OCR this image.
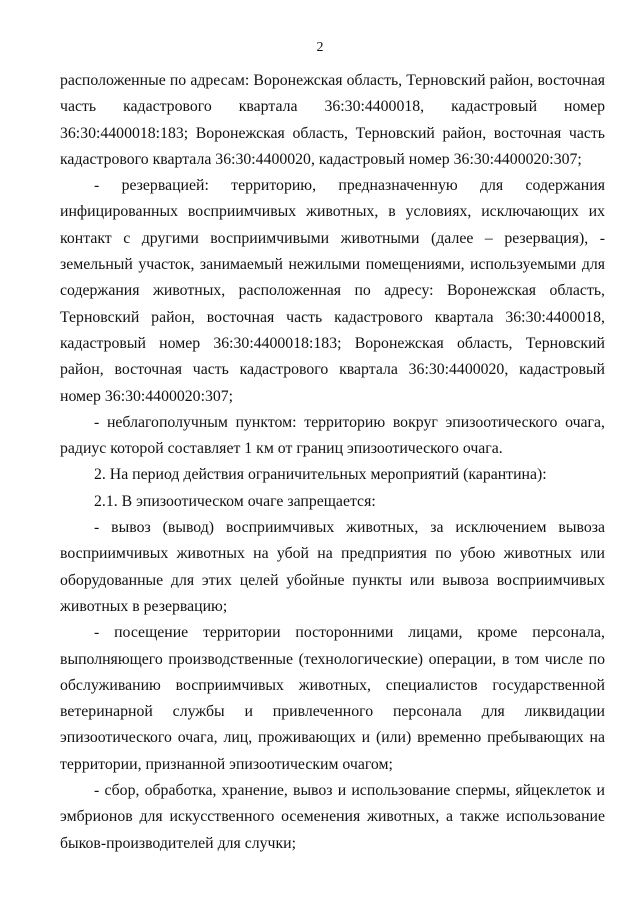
2

расположенные по адресам: Воронежская область, Терновский район, восточная часть кадастрового квартала 36:30:4400018, кадастровый номер 36:30:4400018:183; Воронежская область, Терновский район, восточная часть кадастрового квартала 36:30:4400020, кадастровый номер 36:30:4400020:307;

- резервацией: территорию, предназначенную для содержания инфицированных восприимчивых животных, в условиях, исключающих их контакт с другими восприимчивыми животными (далее – резервация), - земельный участок, занимаемый нежилыми помещениями, используемыми для содержания животных, расположенная по адресу: Воронежская область, Терновский район, восточная часть кадастрового квартала 36:30:4400018, кадастровый номер 36:30:4400018:183; Воронежская область, Терновский район, восточная часть кадастрового квартала 36:30:4400020, кадастровый номер 36:30:4400020:307;

- неблагополучным пунктом: территорию вокруг эпизоотического очага, радиус которой составляет 1 км от границ эпизоотического очага.

2. На период действия ограничительных мероприятий (карантина):

2.1. В эпизоотическом очаге запрещается:

- вывоз (вывод) восприимчивых животных, за исключением вывоза восприимчивых животных на убой на предприятия по убою животных или оборудованные для этих целей убойные пункты или вывоза восприимчивых животных в резервацию;

- посещение территории посторонними лицами, кроме персонала, выполняющего производственные (технологические) операции, в том числе по обслуживанию восприимчивых животных, специалистов государственной ветеринарной службы и привлеченного персонала для ликвидации эпизоотического очага, лиц, проживающих и (или) временно пребывающих на территории, признанной эпизоотическим очагом;

- сбор, обработка, хранение, вывоз и использование спермы, яйцеклеток и эмбрионов для искусственного осеменения животных, а также использование быков-производителей для случки;
